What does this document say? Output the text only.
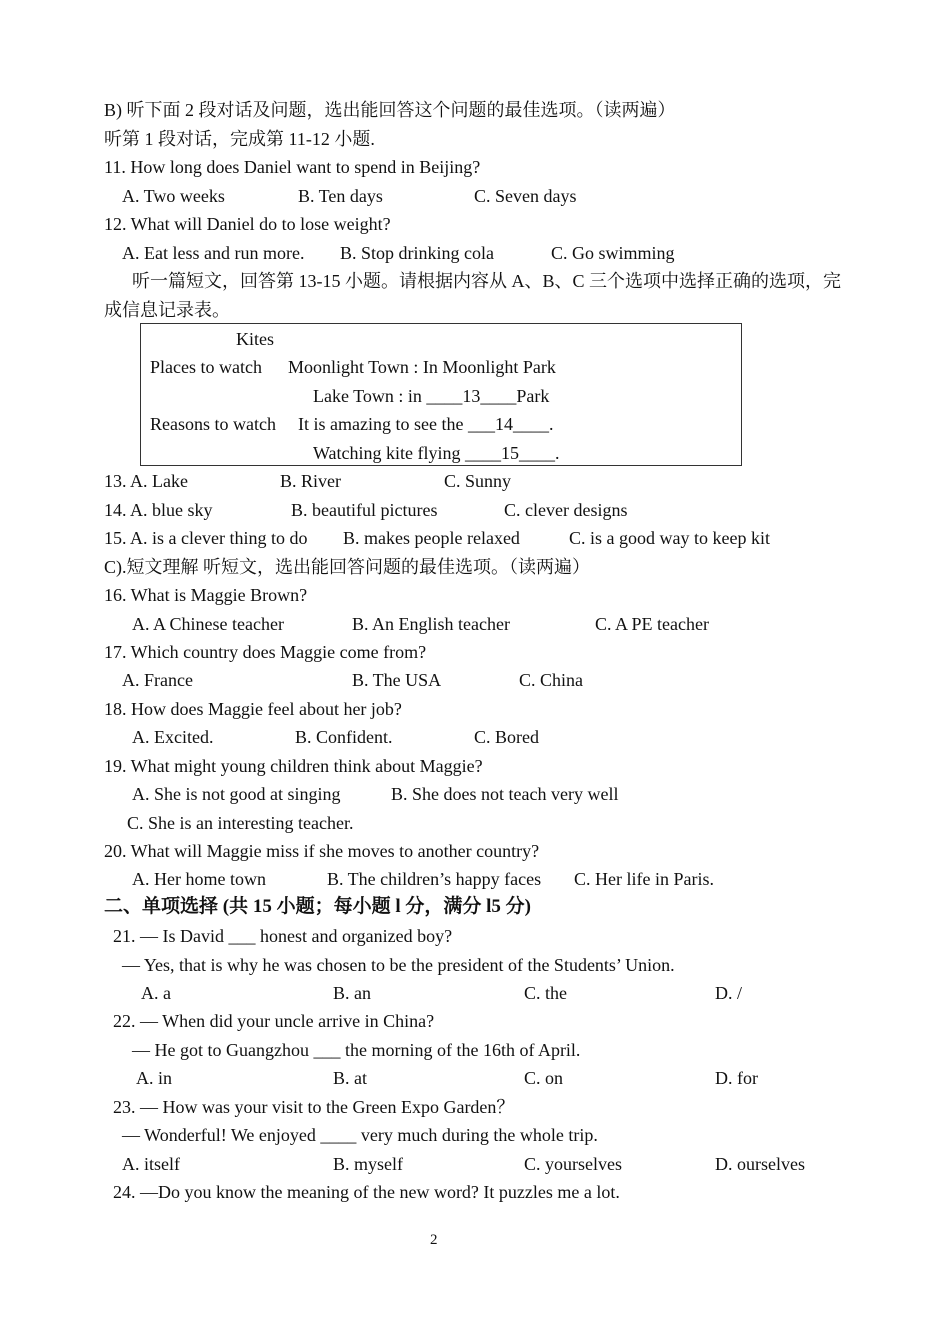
B) 听下面 2 段对话及问题，选出能回答这个问题的最佳选项。（读两遍）
听第 1 段对话，完成第 11-12 小题.
11. How long does Daniel want to spend in Beijing?
A. Two weeks	B. Ten days	C. Seven days
12. What will Daniel do to lose weight?
A. Eat less and run more. B. Stop drinking cola	C. Go swimming
听一篇短文，回答第 13-15 小题。请根据内容从 A、B、C 三个选项中选择正确的选项，完
成信息记录表。
Kites
Places to watch Moonlight Town : In Moonlight Park
Lake Town : in ____13____Park
Reasons to watch It is amazing to see the ___14____.
Watching kite flying ____15____.
13. A. Lake	B. River	C. Sunny
14. A. blue sky	B. beautiful pictures	C. clever designs
15. A. is a clever thing to do B. makes people relaxed	C. is a good way to keep kit
C).短文理解 听短文，选出能回答问题的最佳选项。（读两遍）
16. What is Maggie Brown?
A. A Chinese teacher	B. An English teacher	C. A PE teacher
17. Which country does Maggie come from?
A. France	B. The USA	C. China
18. How does Maggie feel about her job?
A. Excited.	B. Confident.	C. Bored
19. What might young children think about Maggie?
A. She is not good at singing	B. She does not teach very well
C. She is an interesting teacher.
20. What will Maggie miss if she moves to another country?
A. Her home town	B. The children’s happy faces C. Her life in Paris.
二、单项选择 (共 15 小题；每小题 l 分，满分 l5 分)
21. — Is David ___ honest and organized boy?
— Yes, that is why he was chosen to be the president of the Students’ Union.
A. a	B. an	C. the	D. /
22. — When did your uncle arrive in China?
— He got to Guangzhou ___ the morning of the 16th of April.
A. in	B. at	C. on	D. for
23. — How was your visit to the Green Expo Garden？
— Wonderful! We enjoyed ____ very much during the whole trip.
A. itself	B. myself	C. yourselves	D. ourselves
24. —Do you know the meaning of the new word? It puzzles me a lot.
2
